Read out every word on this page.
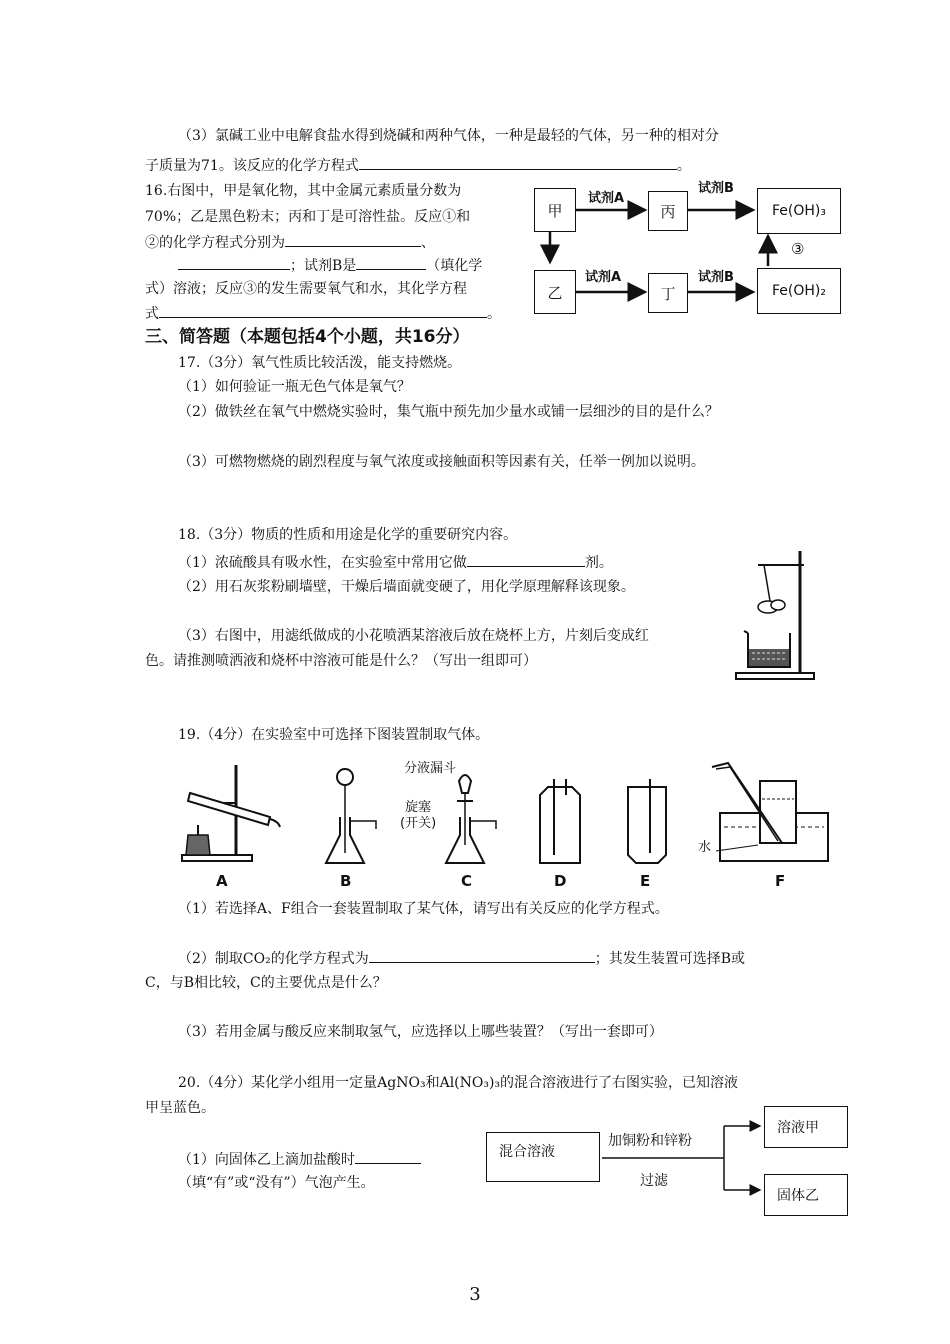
（3）氯碱工业中电解食盐水得到烧碱和两种气体，一种是最轻的气体，另一种的相对分
子质量为71。该反应的化学方程式	。
16.右图中，甲是氧化物，其中金属元素质量分数为
70%；乙是黑色粉末；丙和丁是可溶性盐。反应①和
②的化学方程式分别为	、
；试剂B是	（填化学
式）溶液；反应③的发生需要氧气和水，其化学方程
式	。
甲	丙	Fe(OH)₃
乙	丁	Fe(OH)₂
试剂A
试剂B
试剂A	试剂B
③
三、简答题（本题包括4个小题，共16分）
17.（3分）氧气性质比较活泼，能支持燃烧。
（1）如何验证一瓶无色气体是氧气？
（2）做铁丝在氧气中燃烧实验时，集气瓶中预先加少量水或铺一层细沙的目的是什么？
（3）可燃物燃烧的剧烈程度与氧气浓度或接触面积等因素有关，任举一例加以说明。
18.（3分）物质的性质和用途是化学的重要研究内容。
（1）浓硫酸具有吸水性，在实验室中常用它做	剂。
（2）用石灰浆粉刷墙壁，干燥后墙面就变硬了，用化学原理解释该现象。
（3）右图中，用滤纸做成的小花喷洒某溶液后放在烧杯上方，片刻后变成红
色。请推测喷洒液和烧杯中溶液可能是什么？（写出一组即可）
19.（4分）在实验室中可选择下图装置制取气体。
分液漏斗
旋塞
(开关)
水
A	B	C	D	E	F
（1）若选择A、F组合一套装置制取了某气体，请写出有关反应的化学方程式。
（2）制取CO₂的化学方程式为	；其发生装置可选择B或
C，与B相比较，C的主要优点是什么？
（3）若用金属与酸反应来制取氢气，应选择以上哪些装置？（写出一套即可）
20.（4分）某化学小组用一定量AgNO₃和Al(NO₃)₃的混合溶液进行了右图实验，已知溶液
甲呈蓝色。
（1）向固体乙上滴加盐酸时
（填“有”或“没有”）气泡产生。
混合溶液
加铜粉和锌粉
过滤
溶液甲
固体乙
3
